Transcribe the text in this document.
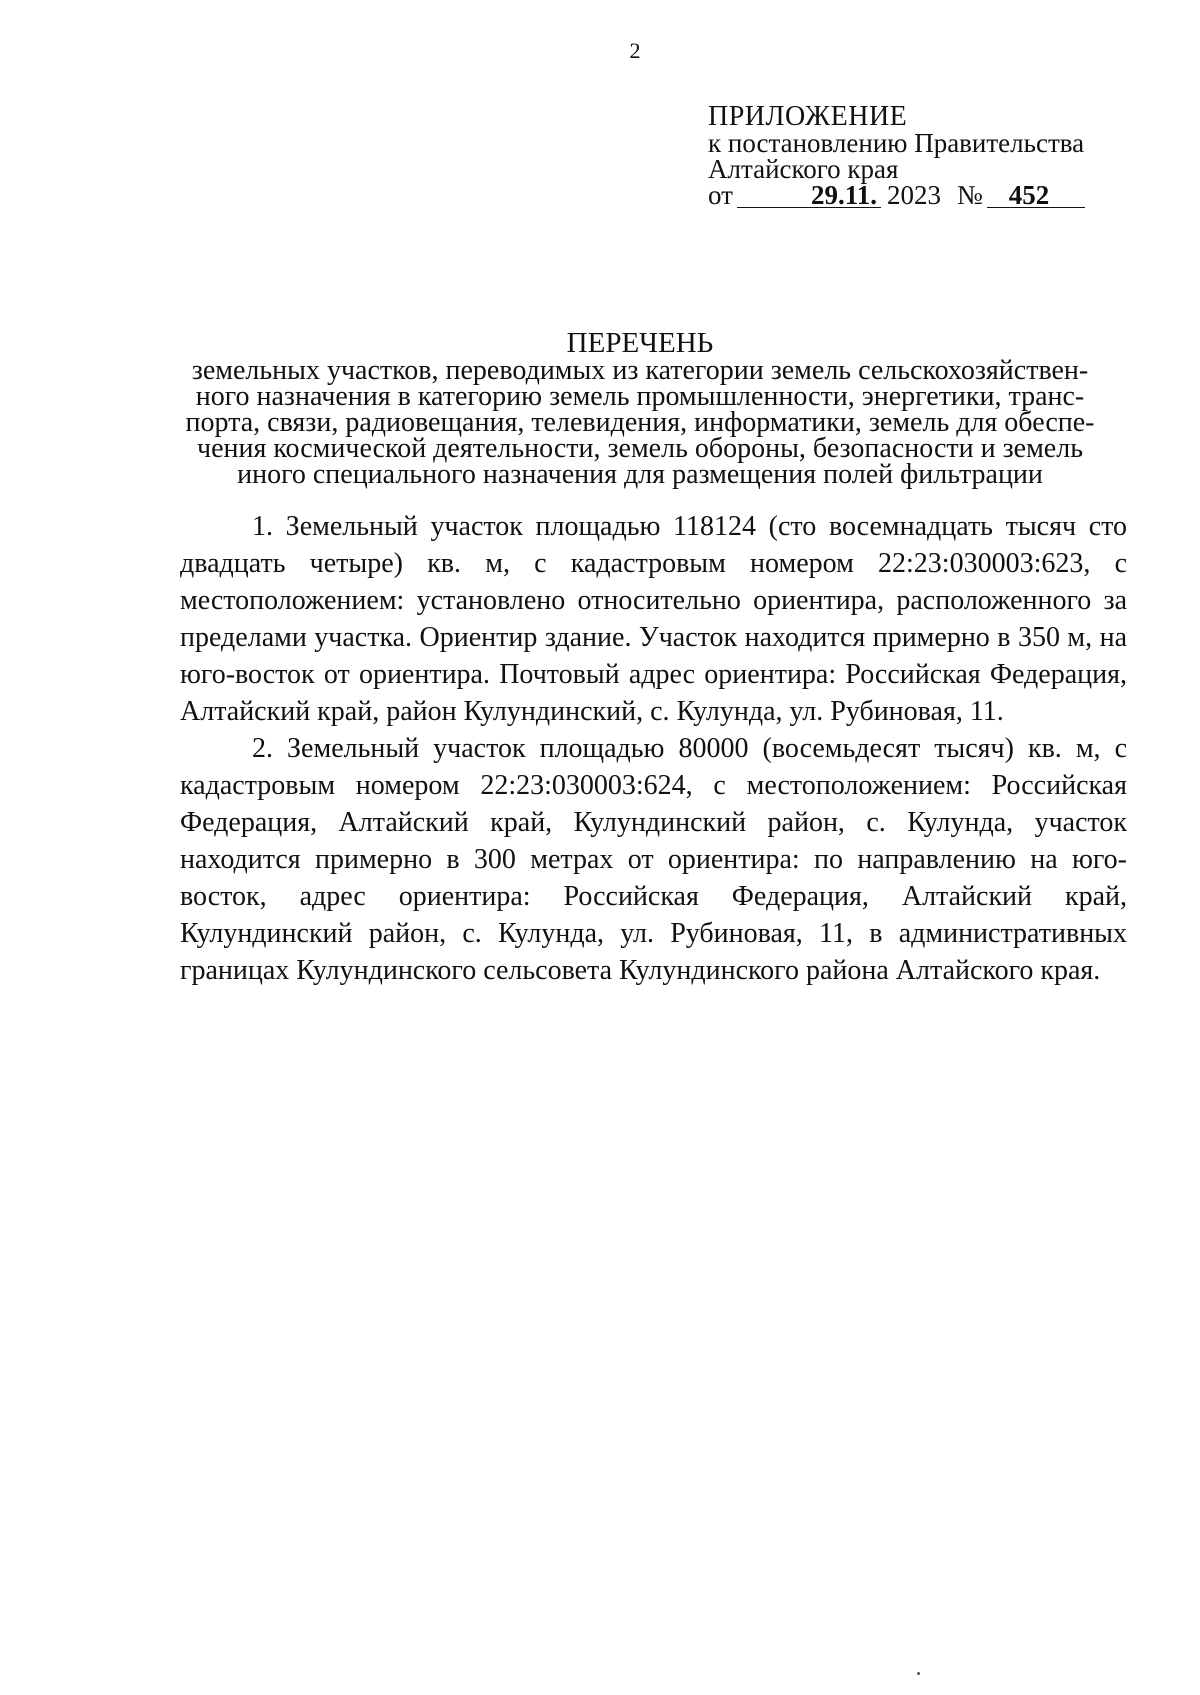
2
ПРИЛОЖЕНИЕ
к постановлению Правительства
Алтайского края
от	29.11. 2023 № 452
ПЕРЕЧЕНЬ
земельных участков, переводимых из категории земель сельскохозяйствен-
ного назначения в категорию земель промышленности, энергетики, транс-
порта, связи, радиовещания, телевидения, информатики, земель для обеспе-
чения космической деятельности, земель обороны, безопасности и земель
иного специального назначения для размещения полей фильтрации

1. Земельный участок площадью 118124 (сто восемнадцать тысяч сто двадцать четыре) кв. м, с кадастровым номером 22:23:030003:623, с местоположением: установлено относительно ориентира, расположенного за пределами участка. Ориентир здание. Участок находится примерно в 350 м, на юго-восток от ориентира. Почтовый адрес ориентира: Российская Федерация, Алтайский край, район Кулундинский, с. Кулунда, ул. Рубиновая, 11.

2. Земельный участок площадью 80000 (восемьдесят тысяч) кв. м, с кадастровым номером 22:23:030003:624, с местоположением: Российская Федерация, Алтайский край, Кулундинский район, с. Кулунда, участок находится примерно в 300 метрах от ориентира: по направлению на юго-восток, адрес ориентира: Российская Федерация, Алтайский край, Кулундинский район, с. Кулунда, ул. Рубиновая, 11, в административных границах Кулундинского сельсовета Кулундинского района Алтайского края.
